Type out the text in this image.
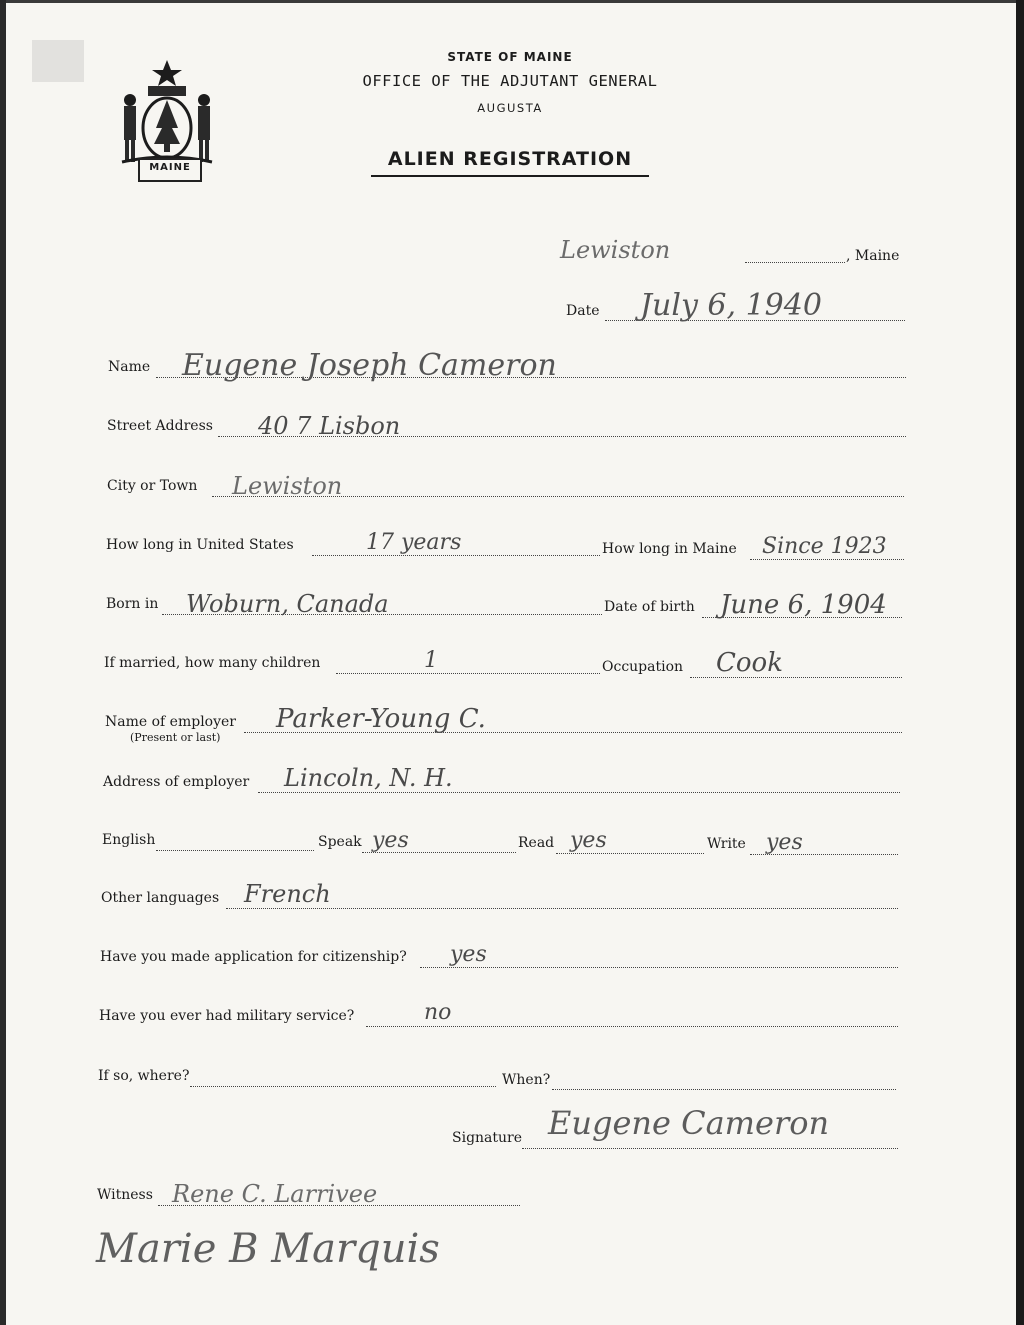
MAINE
STATE OF MAINE
OFFICE OF THE ADJUTANT GENERAL
AUGUSTA
ALIEN REGISTRATION
Lewiston	, Maine
Date July 6, 1940
Name Eugene Joseph Cameron
Street Address 40 7 Lisbon
City or Town Lewiston
How long in United States	17 years	How long in Maine Since 1923
Born in Woburn, Canada	Date of birth June 6, 1904
If married, how many children	1	Occupation Cook
Name of employer
(Present or last)
Parker-Young C.
Address of employer Lincoln, N. H.
English	Speak yes	Read yes	Write yes
Other languages French
Have you made application for citizenship? yes
Have you ever had military service?	no
If so, where?	When?
Signature Eugene Cameron
Witness Rene C. Larrivee
Marie B Marquis
